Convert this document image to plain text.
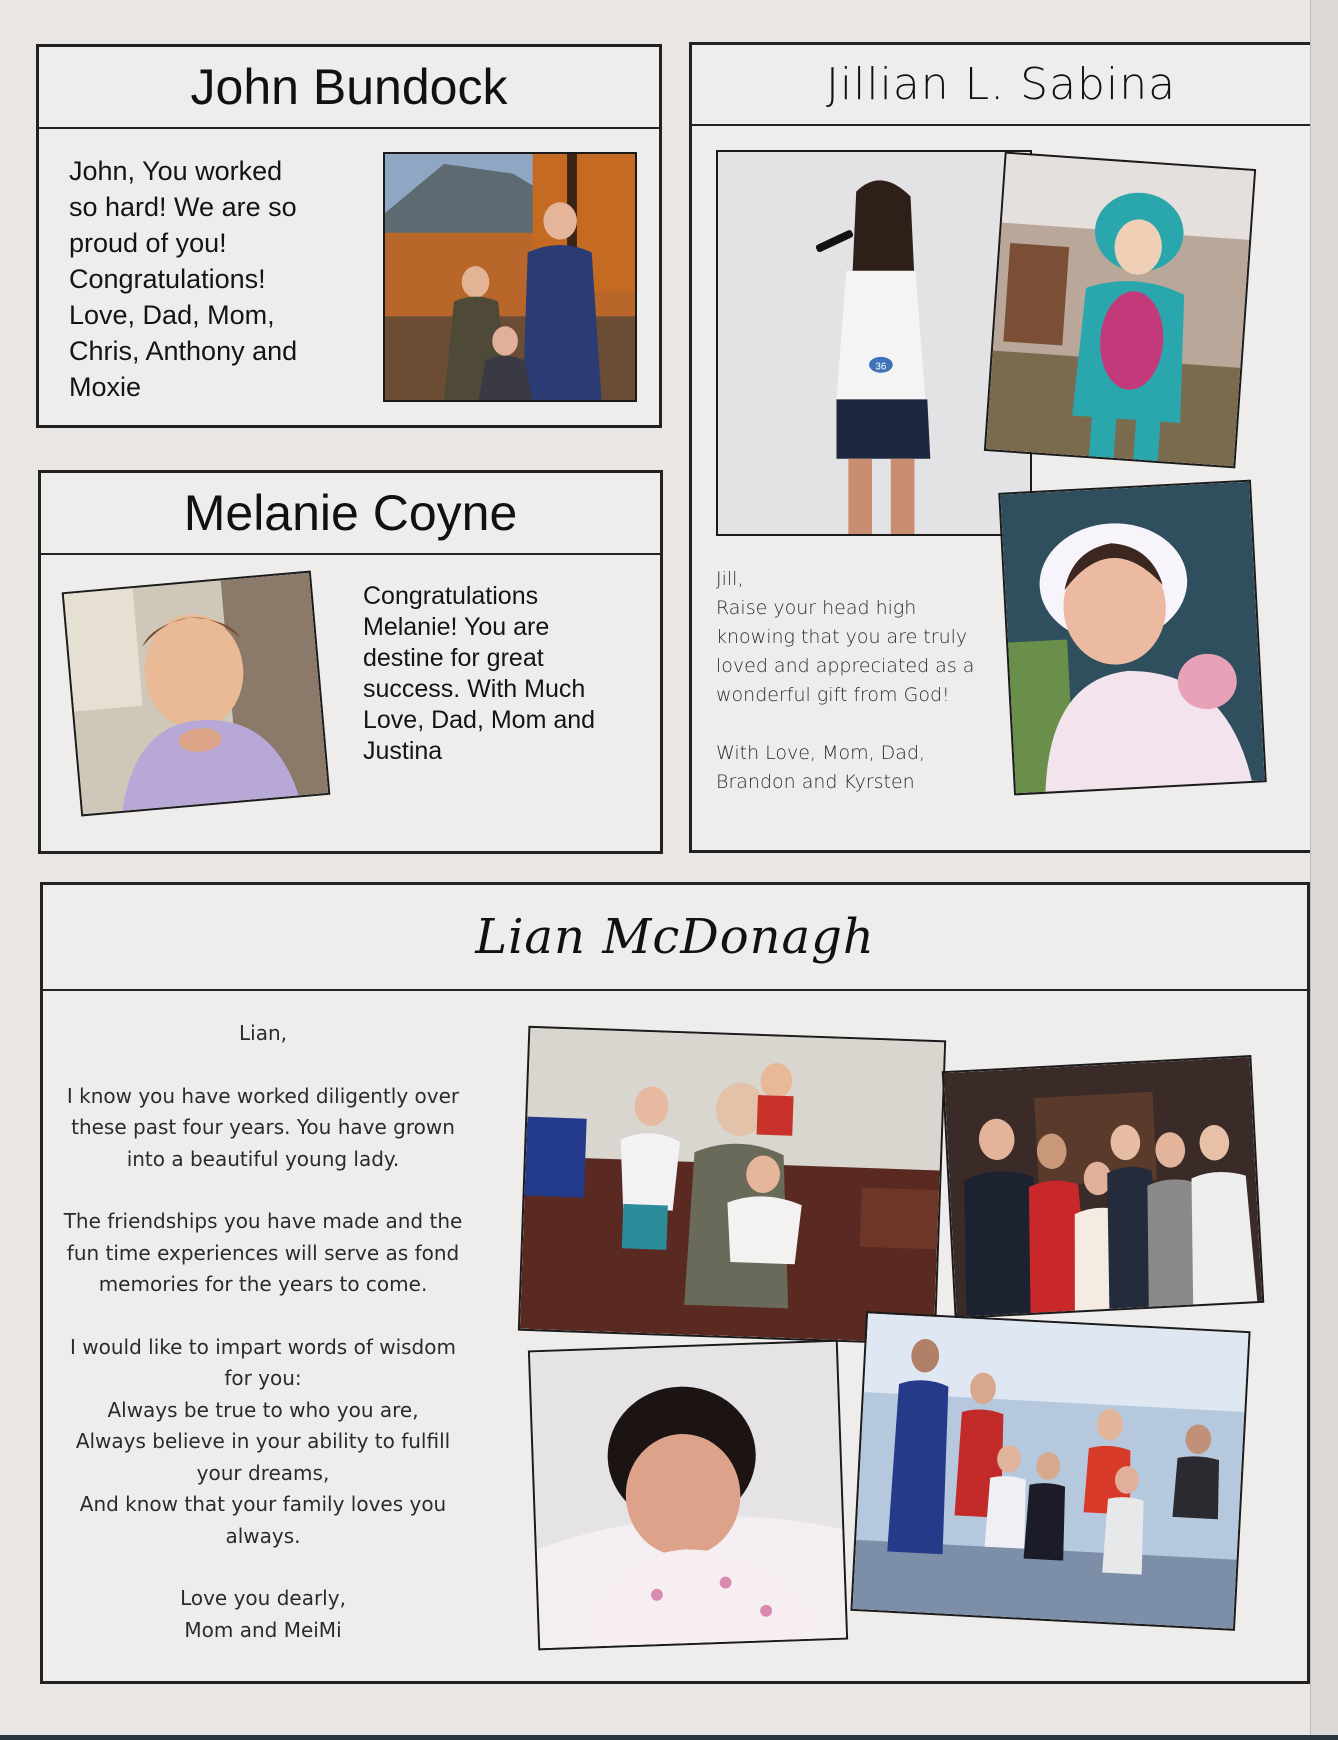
John Bundock
John, You worked
so hard! We are so
proud of you!
Congratulations!
Love, Dad, Mom,
Chris, Anthony and
Moxie
Melanie Coyne
Congratulations
Melanie! You are
destine for great
success. With Much
Love, Dad, Mom and
Justina
Jillian L. Sabina
36
Jill,
Raise your head high
knowing that you are truly
loved and appreciated as a
wonderful gift from God!
With Love, Mom, Dad,
Brandon and Kyrsten
Lian McDonagh
Lian,
I know you have worked diligently over
these past four years. You have grown
into a beautiful young lady.
The friendships you have made and the
fun time experiences will serve as fond
memories for the years to come.
I would like to impart words of wisdom
for you:
Always be true to who you are,
Always believe in your ability to fulfill
your dreams,
And know that your family loves you
always.
Love you dearly,
Mom and MeiMi
